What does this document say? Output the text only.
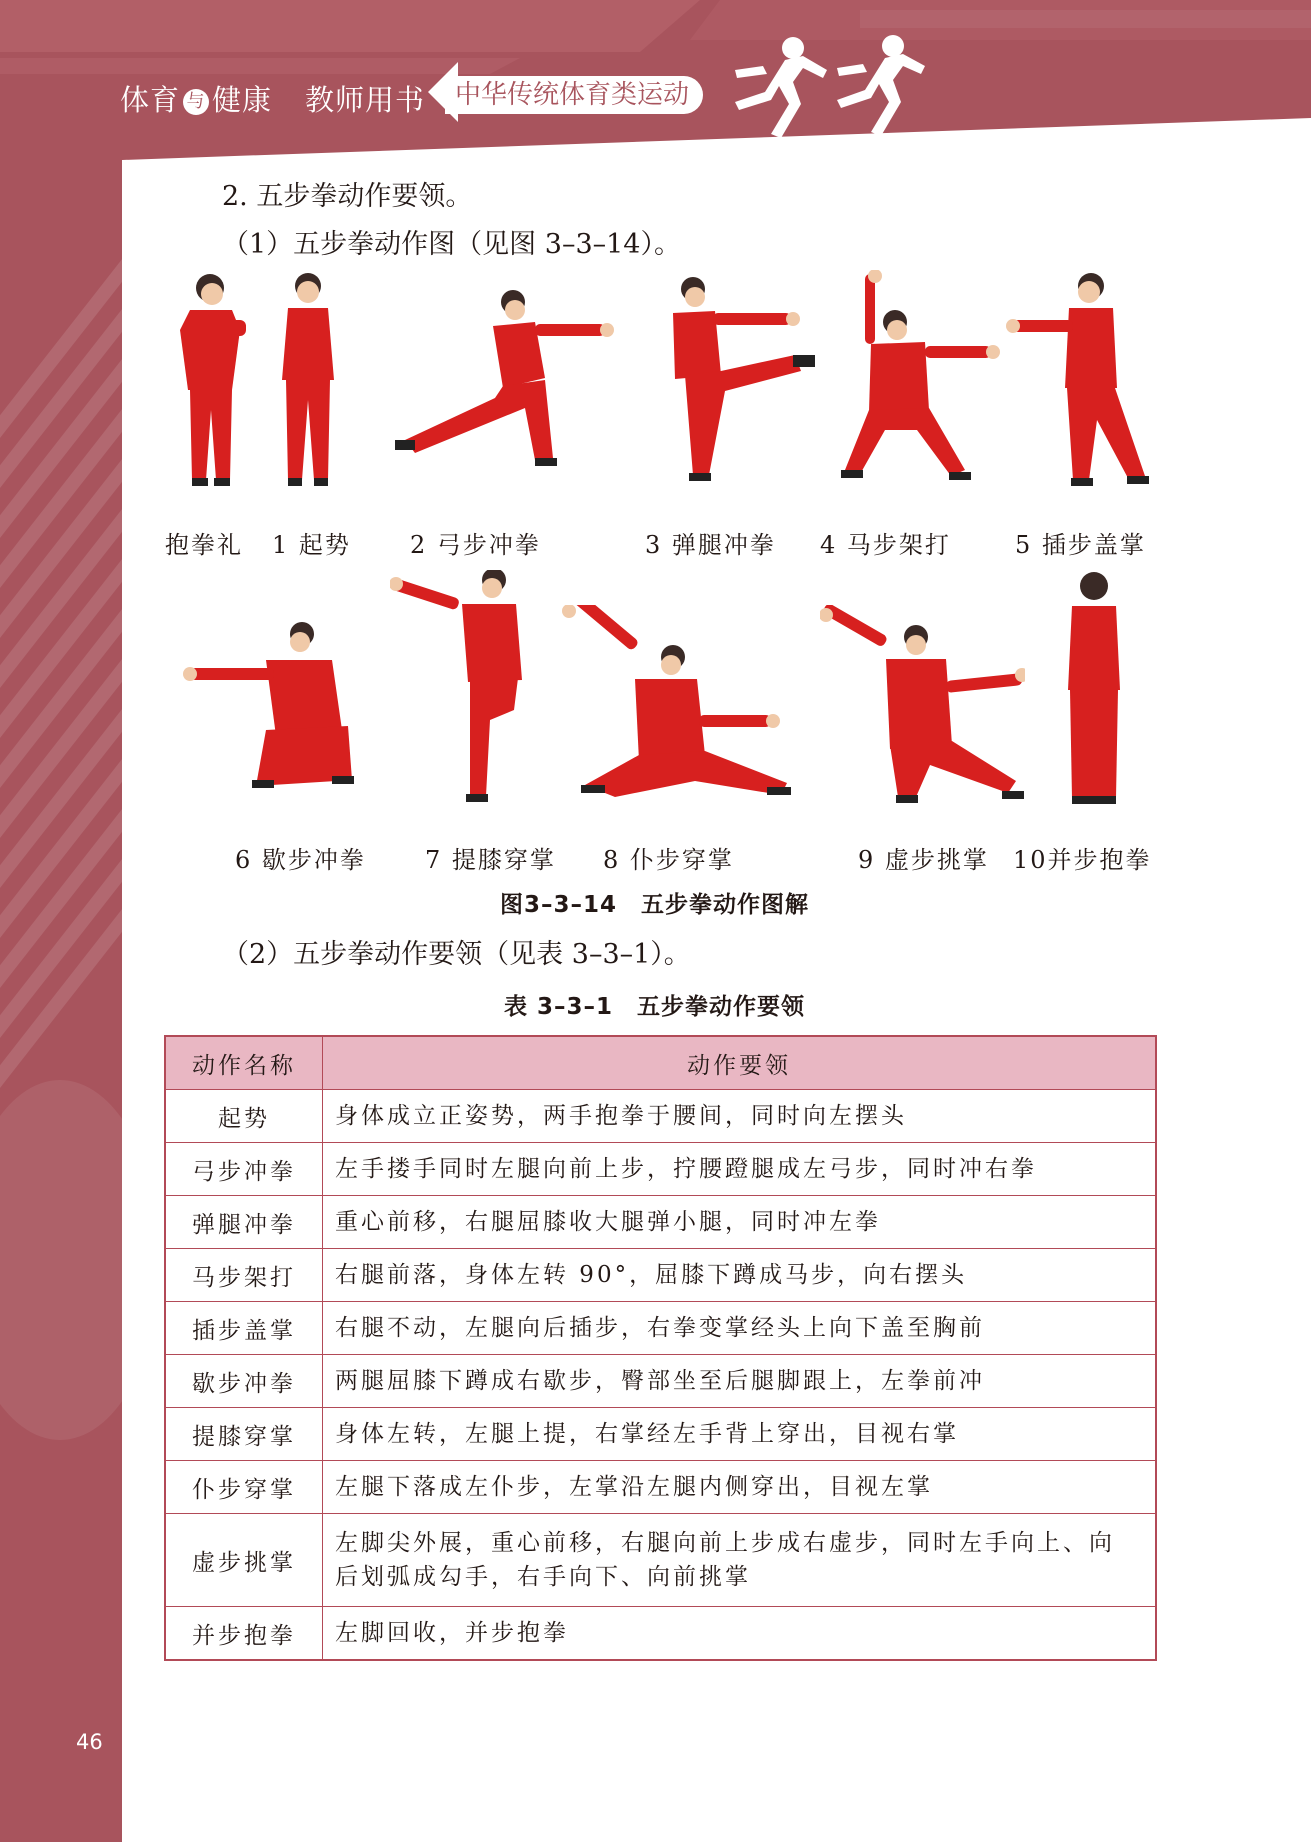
体育 与 健康 教师用书	中华传统体育类运动
2. 五步拳动作要领。
（1）五步拳动作图（见图 3–3–14）。
抱拳礼 1 起势 2 弓步冲拳	3 弹腿冲拳 4 马步架打	5 插步盖掌
6 歇步冲拳 7 提膝穿掌 8 仆步穿掌	9 虚步挑掌 10并步抱拳
图3–3–14　五步拳动作图解
（2）五步拳动作要领（见表 3–3–1）。
表 3–3–1　五步拳动作要领
动作名称	动作要领
起势	身体成立正姿势，两手抱拳于腰间，同时向左摆头
弓步冲拳	左手搂手同时左腿向前上步，拧腰蹬腿成左弓步，同时冲右拳
弹腿冲拳	重心前移，右腿屈膝收大腿弹小腿，同时冲左拳
马步架打	右腿前落，身体左转 90°，屈膝下蹲成马步，向右摆头
插步盖掌	右腿不动，左腿向后插步，右拳变掌经头上向下盖至胸前
歇步冲拳	两腿屈膝下蹲成右歇步，臀部坐至后腿脚跟上，左拳前冲
提膝穿掌	身体左转，左腿上提，右掌经左手背上穿出，目视右掌
仆步穿掌	左腿下落成左仆步，左掌沿左腿内侧穿出，目视左掌
虚步挑掌	左脚尖外展，重心前移，右腿向前上步成右虚步，同时左手向上、向
后划弧成勾手，右手向下、向前挑掌
并步抱拳	左脚回收，并步抱拳
46
